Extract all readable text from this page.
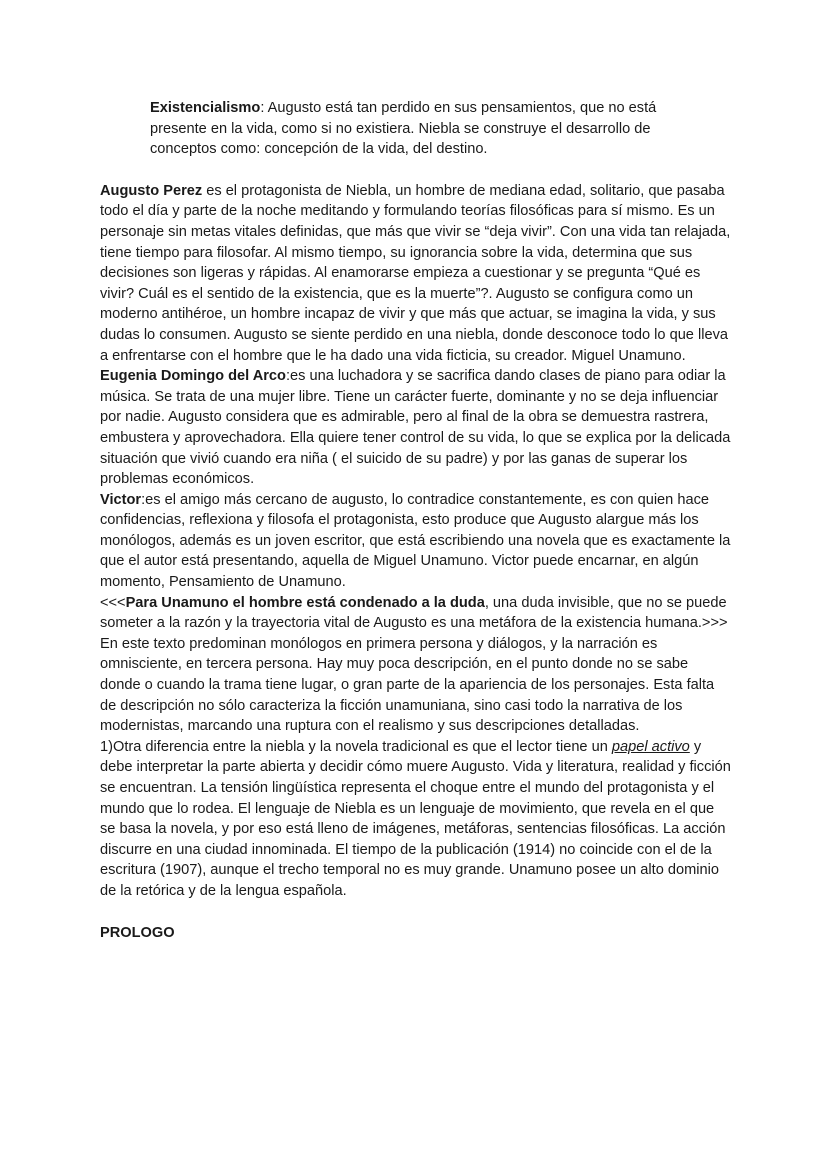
Existencialismo: Augusto está tan perdido en sus pensamientos, que no está presente en la vida, como si no existiera. Niebla se construye el desarrollo de conceptos como: concepción de la vida, del destino.

Augusto Perez es el protagonista de Niebla, un hombre de mediana edad, solitario, que pasaba todo el día y parte de la noche meditando y formulando teorías filosóficas para sí mismo. Es un personaje sin metas vitales definidas, que más que vivir se “deja vivir”. Con una vida tan relajada, tiene tiempo para filosofar. Al mismo tiempo, su ignorancia sobre la vida, determina que sus decisiones son ligeras y rápidas. Al enamorarse empieza a cuestionar y se pregunta “Qué es vivir? Cuál es el sentido de la existencia, que es la muerte”?. Augusto se configura como un moderno antihéroe, un hombre incapaz de vivir y que más que actuar, se imagina la vida, y sus dudas lo consumen. Augusto se siente perdido en una niebla, donde desconoce todo lo que lleva a enfrentarse con el hombre que le ha dado una vida ficticia, su creador. Miguel Unamuno.

Eugenia Domingo del Arco:es una luchadora y se sacrifica dando clases de piano para odiar la música. Se trata de una mujer libre. Tiene un carácter fuerte, dominante y no se deja influenciar por nadie. Augusto considera que es admirable, pero al final de la obra se demuestra rastrera, embustera y aprovechadora. Ella quiere tener control de su vida, lo que se explica por la delicada situación que vivió cuando era niña ( el suicido de su padre) y por las ganas de superar los problemas económicos.

Victor:es el amigo más cercano de augusto, lo contradice constantemente, es con quien hace confidencias, reflexiona y filosofa el protagonista, esto produce que Augusto alargue más los monólogos, además es un joven escritor, que está escribiendo una novela que es exactamente la que el autor está presentando, aquella de Miguel Unamuno. Victor puede encarnar, en algún momento, Pensamiento de Unamuno.

<<<Para Unamuno el hombre está condenado a la duda, una duda invisible, que no se puede someter a la razón y la trayectoria vital de Augusto es una metáfora de la existencia humana.>>>

En este texto predominan monólogos en primera persona y diálogos, y la narración es omnisciente, en tercera persona. Hay muy poca descripción, en el punto donde no se sabe donde o cuando la trama tiene lugar, o gran parte de la apariencia de los personajes. Esta falta de descripción no sólo caracteriza la ficción unamuniana, sino casi todo la narrativa de los modernistas, marcando una ruptura con el realismo y sus descripciones detalladas.

1)Otra diferencia entre la niebla y la novela tradicional es que el lector tiene un papel activo y debe interpretar la parte abierta y decidir cómo muere Augusto. Vida y literatura, realidad y ficción se encuentran. La tensión lingüística representa el choque entre el mundo del protagonista y el mundo que lo rodea. El lenguaje de Niebla es un lenguaje de movimiento, que revela en el que se basa la novela, y por eso está lleno de imágenes, metáforas, sentencias filosóficas. La acción discurre en una ciudad innominada. El tiempo de la publicación (1914) no coincide con el de la escritura (1907), aunque el trecho temporal no es muy grande. Unamuno posee un alto dominio de la retórica y de la lengua española.

PROLOGO
